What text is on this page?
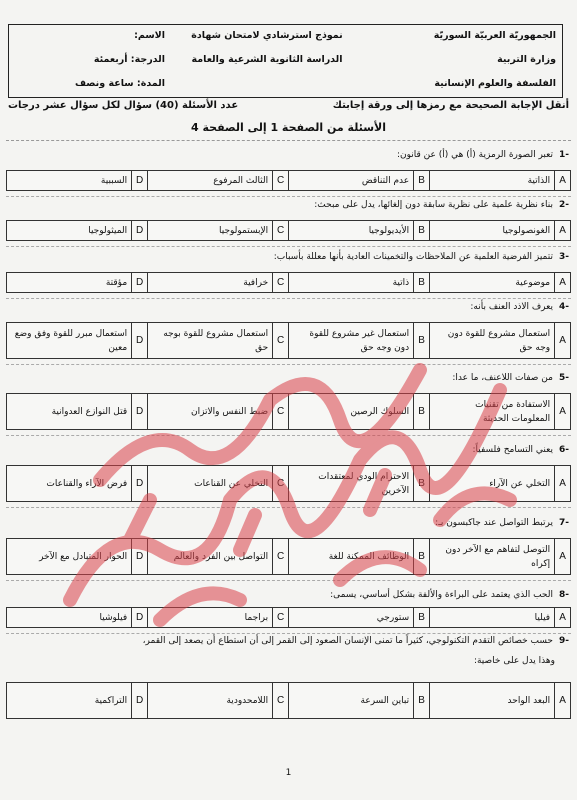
الجمهوريّة العربيّة السوريّة
وزارة التربية
الفلسفة والعلوم الإنسانية
نموذج استرشادي لامتحان شهادة
الدراسة الثانوية الشرعية والعامة
الاسم:
الدرجة: أربعمئة
المدة: ساعة ونصف
أنقل الإجابة الصحيحة مع رمزها إلى ورقة إجابتك
عدد الأسئلة (40) سؤال لكل سؤال عشر درجات
الأسئلة من الصفحة 1 إلى الصفحة 4
-1تعبر الصورة الرمزية (أ) هي (أ) عن قانون:
A	الذاتية	B	عدم التناقض	C	الثالث المرفوع	D	السببية
-2بناء نظرية علمية على نظرية سابقة دون إلغائها، يدل على مبحث:
A	الغونصولوجيا	B	الأيديولوجيا	C	الإبستمولوجيا	D	الميثولوجيا
-3تتميز الفرضية العلمية عن الملاحظات والتخمينات العادية بأنها معللة بأسباب:
A	موضوعية	B	ذاتية	C	خرافية	D	مؤقتة
-4يعرف الاذد العنف بأنه:
A	استعمال مشروع للقوة دون وجه حق	B	استعمال غير مشروع للقوة دون وجه حق	C	استعمال مشروع للقوة بوجه حق	D	استعمال مبرر للقوة وفق وضع معين
-5من صفات اللاعنف، ما عدا:
A	الاستفادة من تقنيات المعلومات الحديثة	B	السلوك الرصين	C	ضبط النفس والاتزان	D	قتل النوازع العدوانية
-6يعني التسامح فلسفياً:
A	التخلي عن الآراء	B	الاحترام الودي لمعتقدات الآخرين	C	التخلي عن القناعات	D	فرض الآراء والقناعات
-7يرتبط التواصل عند جاكبسون بـ:
A	التوصل لتفاهم مع الآخر دون إكراه	B	الوظائف الممكنة للغة	C	التواصل بين الفرد والعالم	D	الحوار المتبادل مع الآخر
-8الحب الذي يعتمد على البراءة والألفة بشكل أساسي، يسمى:
A	فيليا	B	ستورجي	C	براجما	D	فيلوشيا
-9حسب خصائص التقدم التكنولوجي، كثيراً ما تمنى الإنسان الصعود إلى القمر إلى أن استطاع أن يصعد إلى القمر،
وهذا يدل على خاصية:
A	البعد الواحد	B	تباين السرعة	C	اللامحدودية	D	التراكمية
1
